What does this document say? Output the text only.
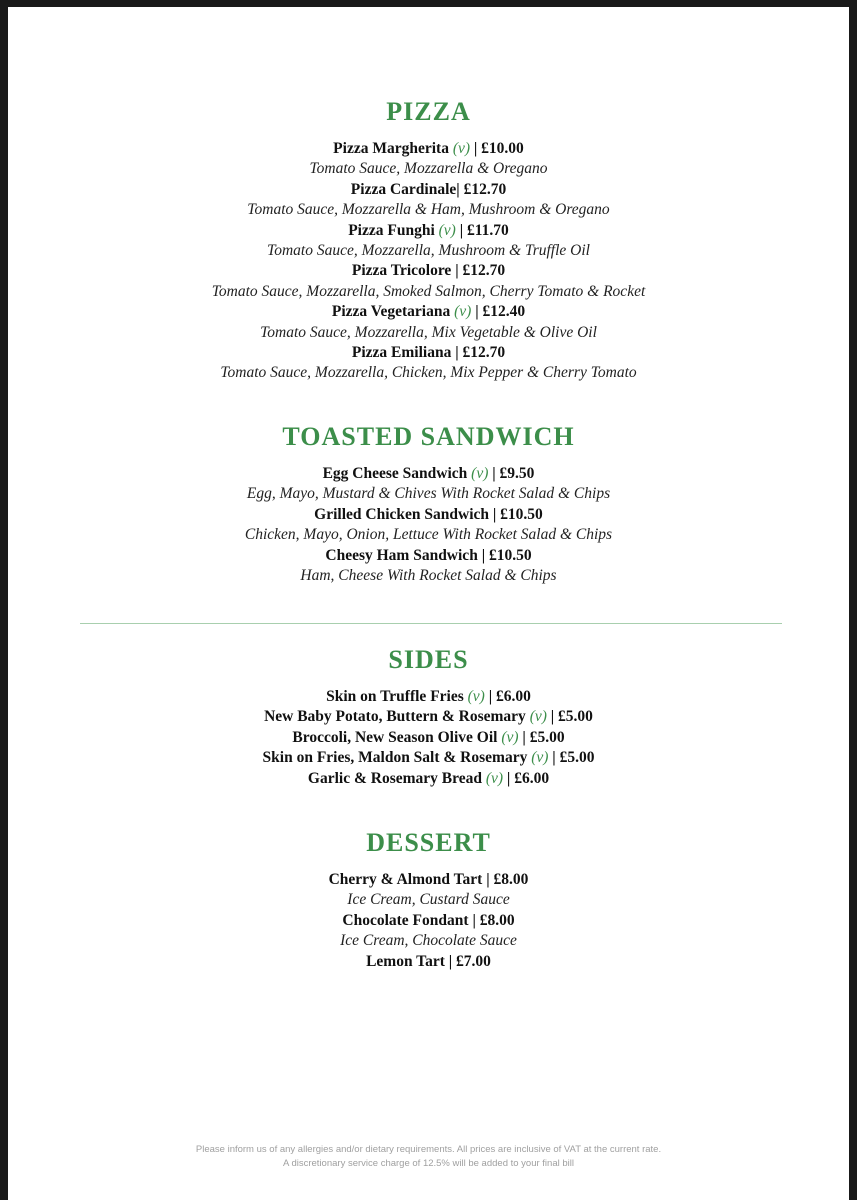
PIZZA
Pizza Margherita (v) | £10.00
Tomato Sauce, Mozzarella & Oregano
Pizza Cardinale| £12.70
Tomato Sauce, Mozzarella & Ham, Mushroom & Oregano
Pizza Funghi (v) | £11.70
Tomato Sauce, Mozzarella, Mushroom & Truffle Oil
Pizza Tricolore | £12.70
Tomato Sauce, Mozzarella, Smoked Salmon, Cherry Tomato & Rocket
Pizza Vegetariana (v) | £12.40
Tomato Sauce, Mozzarella, Mix Vegetable & Olive Oil
Pizza Emiliana | £12.70
Tomato Sauce, Mozzarella, Chicken, Mix Pepper & Cherry Tomato
TOASTED SANDWICH
Egg Cheese Sandwich (v) | £9.50
Egg, Mayo, Mustard & Chives With Rocket Salad & Chips
Grilled Chicken Sandwich | £10.50
Chicken, Mayo, Onion, Lettuce With Rocket Salad & Chips
Cheesy Ham Sandwich | £10.50
Ham, Cheese With Rocket Salad & Chips
SIDES
Skin on Truffle Fries (v) | £6.00
New Baby Potato, Buttern & Rosemary (v) | £5.00
Broccoli, New Season Olive Oil (v) | £5.00
Skin on Fries, Maldon Salt & Rosemary (v) | £5.00
Garlic & Rosemary Bread (v) | £6.00
DESSERT
Cherry & Almond Tart | £8.00
Ice Cream, Custard Sauce
Chocolate Fondant | £8.00
Ice Cream, Chocolate Sauce
Lemon Tart | £7.00
Please inform us of any allergies and/or dietary requirements. All prices are inclusive of VAT at the current rate.
A discretionary service charge of 12.5% will be added to your final bill
